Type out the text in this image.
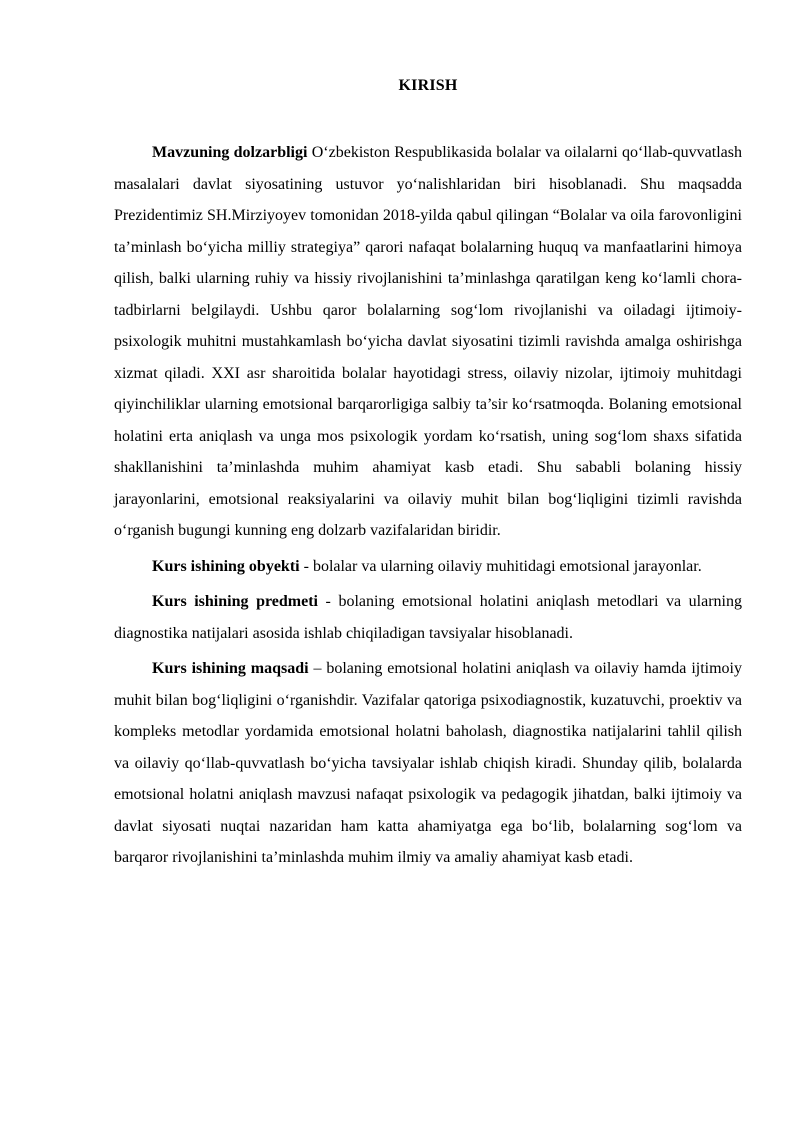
KIRISH

Mavzuning dolzarbligi O‘zbekiston Respublikasida bolalar va oilalarni qo‘llab-quvvatlash masalalari davlat siyosatining ustuvor yo‘nalishlaridan biri hisoblanadi. Shu maqsadda Prezidentimiz SH.Mirziyoyev tomonidan 2018-yilda qabul qilingan “Bolalar va oila farovonligini ta’minlash bo‘yicha milliy strategiya” qarori nafaqat bolalarning huquq va manfaatlarini himoya qilish, balki ularning ruhiy va hissiy rivojlanishini ta’minlashga qaratilgan keng ko‘lamli chora-tadbirlarni belgilaydi. Ushbu qaror bolalarning sog‘lom rivojlanishi va oiladagi ijtimoiy-psixologik muhitni mustahkamlash bo‘yicha davlat siyosatini tizimli ravishda amalga oshirishga xizmat qiladi. XXI asr sharoitida bolalar hayotidagi stress, oilaviy nizolar, ijtimoiy muhitdagi qiyinchiliklar ularning emotsional barqarorligiga salbiy ta’sir ko‘rsatmoqda. Bolaning emotsional holatini erta aniqlash va unga mos psixologik yordam ko‘rsatish, uning sog‘lom shaxs sifatida shakllanishini ta’minlashda muhim ahamiyat kasb etadi. Shu sababli bolaning hissiy jarayonlarini, emotsional reaksiyalarini va oilaviy muhit bilan bog‘liqligini tizimli ravishda o‘rganish bugungi kunning eng dolzarb vazifalaridan biridir.

Kurs ishining obyekti - bolalar va ularning oilaviy muhitidagi emotsional jarayonlar.

Kurs ishining predmeti - bolaning emotsional holatini aniqlash metodlari va ularning diagnostika natijalari asosida ishlab chiqiladigan tavsiyalar hisoblanadi.

Kurs ishining maqsadi – bolaning emotsional holatini aniqlash va oilaviy hamda ijtimoiy muhit bilan bog‘liqligini o‘rganishdir. Vazifalar qatoriga psixodiagnostik, kuzatuvchi, proektiv va kompleks metodlar yordamida emotsional holatni baholash, diagnostika natijalarini tahlil qilish va oilaviy qo‘llab-quvvatlash bo‘yicha tavsiyalar ishlab chiqish kiradi. Shunday qilib, bolalarda emotsional holatni aniqlash mavzusi nafaqat psixologik va pedagogik jihatdan, balki ijtimoiy va davlat siyosati nuqtai nazaridan ham katta ahamiyatga ega bo‘lib, bolalarning sog‘lom va barqaror rivojlanishini ta’minlashda muhim ilmiy va amaliy ahamiyat kasb etadi.
